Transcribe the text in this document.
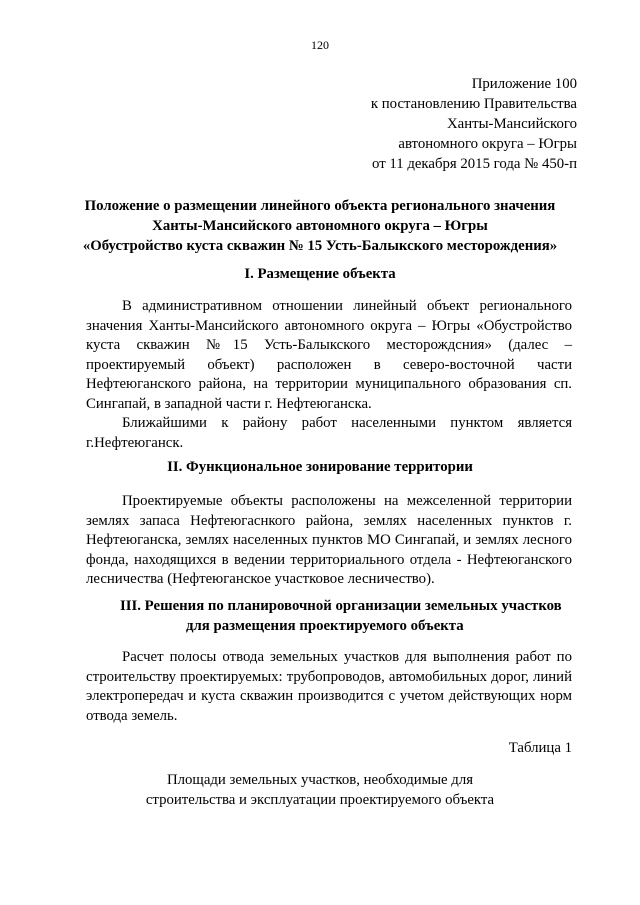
120
Приложение 100
к постановлению Правительства
Ханты-Мансийского
автономного округа – Югры
от 11 декабря 2015 года № 450-п
Положение о размещении линейного объекта регионального значения
Ханты-Мансийского автономного округа – Югры
«Обустройство куста скважин № 15 Усть-Балыкского месторождения»
I. Размещение объекта

В административном отношении линейный объект регионального значения Ханты-Мансийского автономного округа – Югры «Обустройство куста скважин №15 Усть-Балыкского месторождсния» (далес – проектируемый объект) расположен в северо-восточной части Нефтеюганского района, на территории муниципального образования сп. Сингапай, в западной части г. Нефтеюганска.

Ближайшими к району работ населенными пунктом является г.Нефтеюганск.

II. Функциональное зонирование территории

Проектируемые объекты расположены на межселенной территории землях запаса Нефтеюгаснкого района, землях населенных пунктов г. Нефтеюганска, землях населенных пунктов МО Сингапай, и землях лесного фонда, находящихся в ведении территориального отдела - Нефтеюганского лесничества (Нефтеюганское участковое лесничество).

III. Решения по планировочной организации земельных участков
для размещения проектируемого объекта

Расчет полосы отвода земельных участков для выполнения работ по строительству проектируемых: трубопроводов, автомобильных дорог, линий электропередач и куста скважин производится с учетом действующих норм отвода земель.

Таблица 1
Площади земельных участков, необходимые для
строительства и эксплуатации проектируемого объекта
